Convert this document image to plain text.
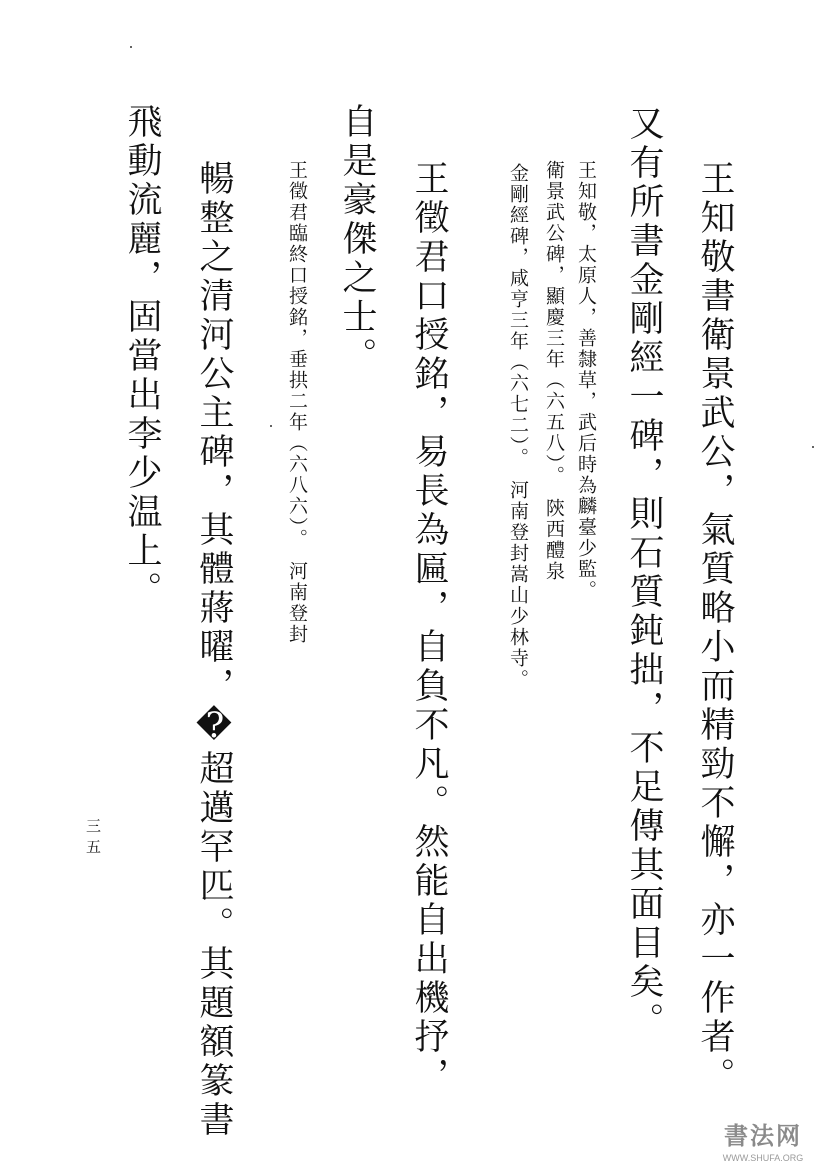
王知敬書衛景武公，氣質略小而精勁不懈，亦一作者。
又有所書金剛經一碑，則石質鈍拙，不足傳其面目矣。
王知敬，太原人，善隸草，武后時為麟臺少監。
衛景武公碑，顯慶三年（六五八）。　陝西醴泉
金剛經碑，咸亨三年（六七二）。　河南登封嵩山少林寺。
王徵君口授銘，易長為匾，自負不凡。然能自出機抒，
自是豪傑之士。
王徵君臨終口授銘，垂拱二年（六八六）。　河南登封
暢整之清河公主碑，其體蔣曜，�超邁罕匹。其題額篆書
飛動流麗，固當出李少温上。
三五
書法网
WWW.SHUFA.ORG
